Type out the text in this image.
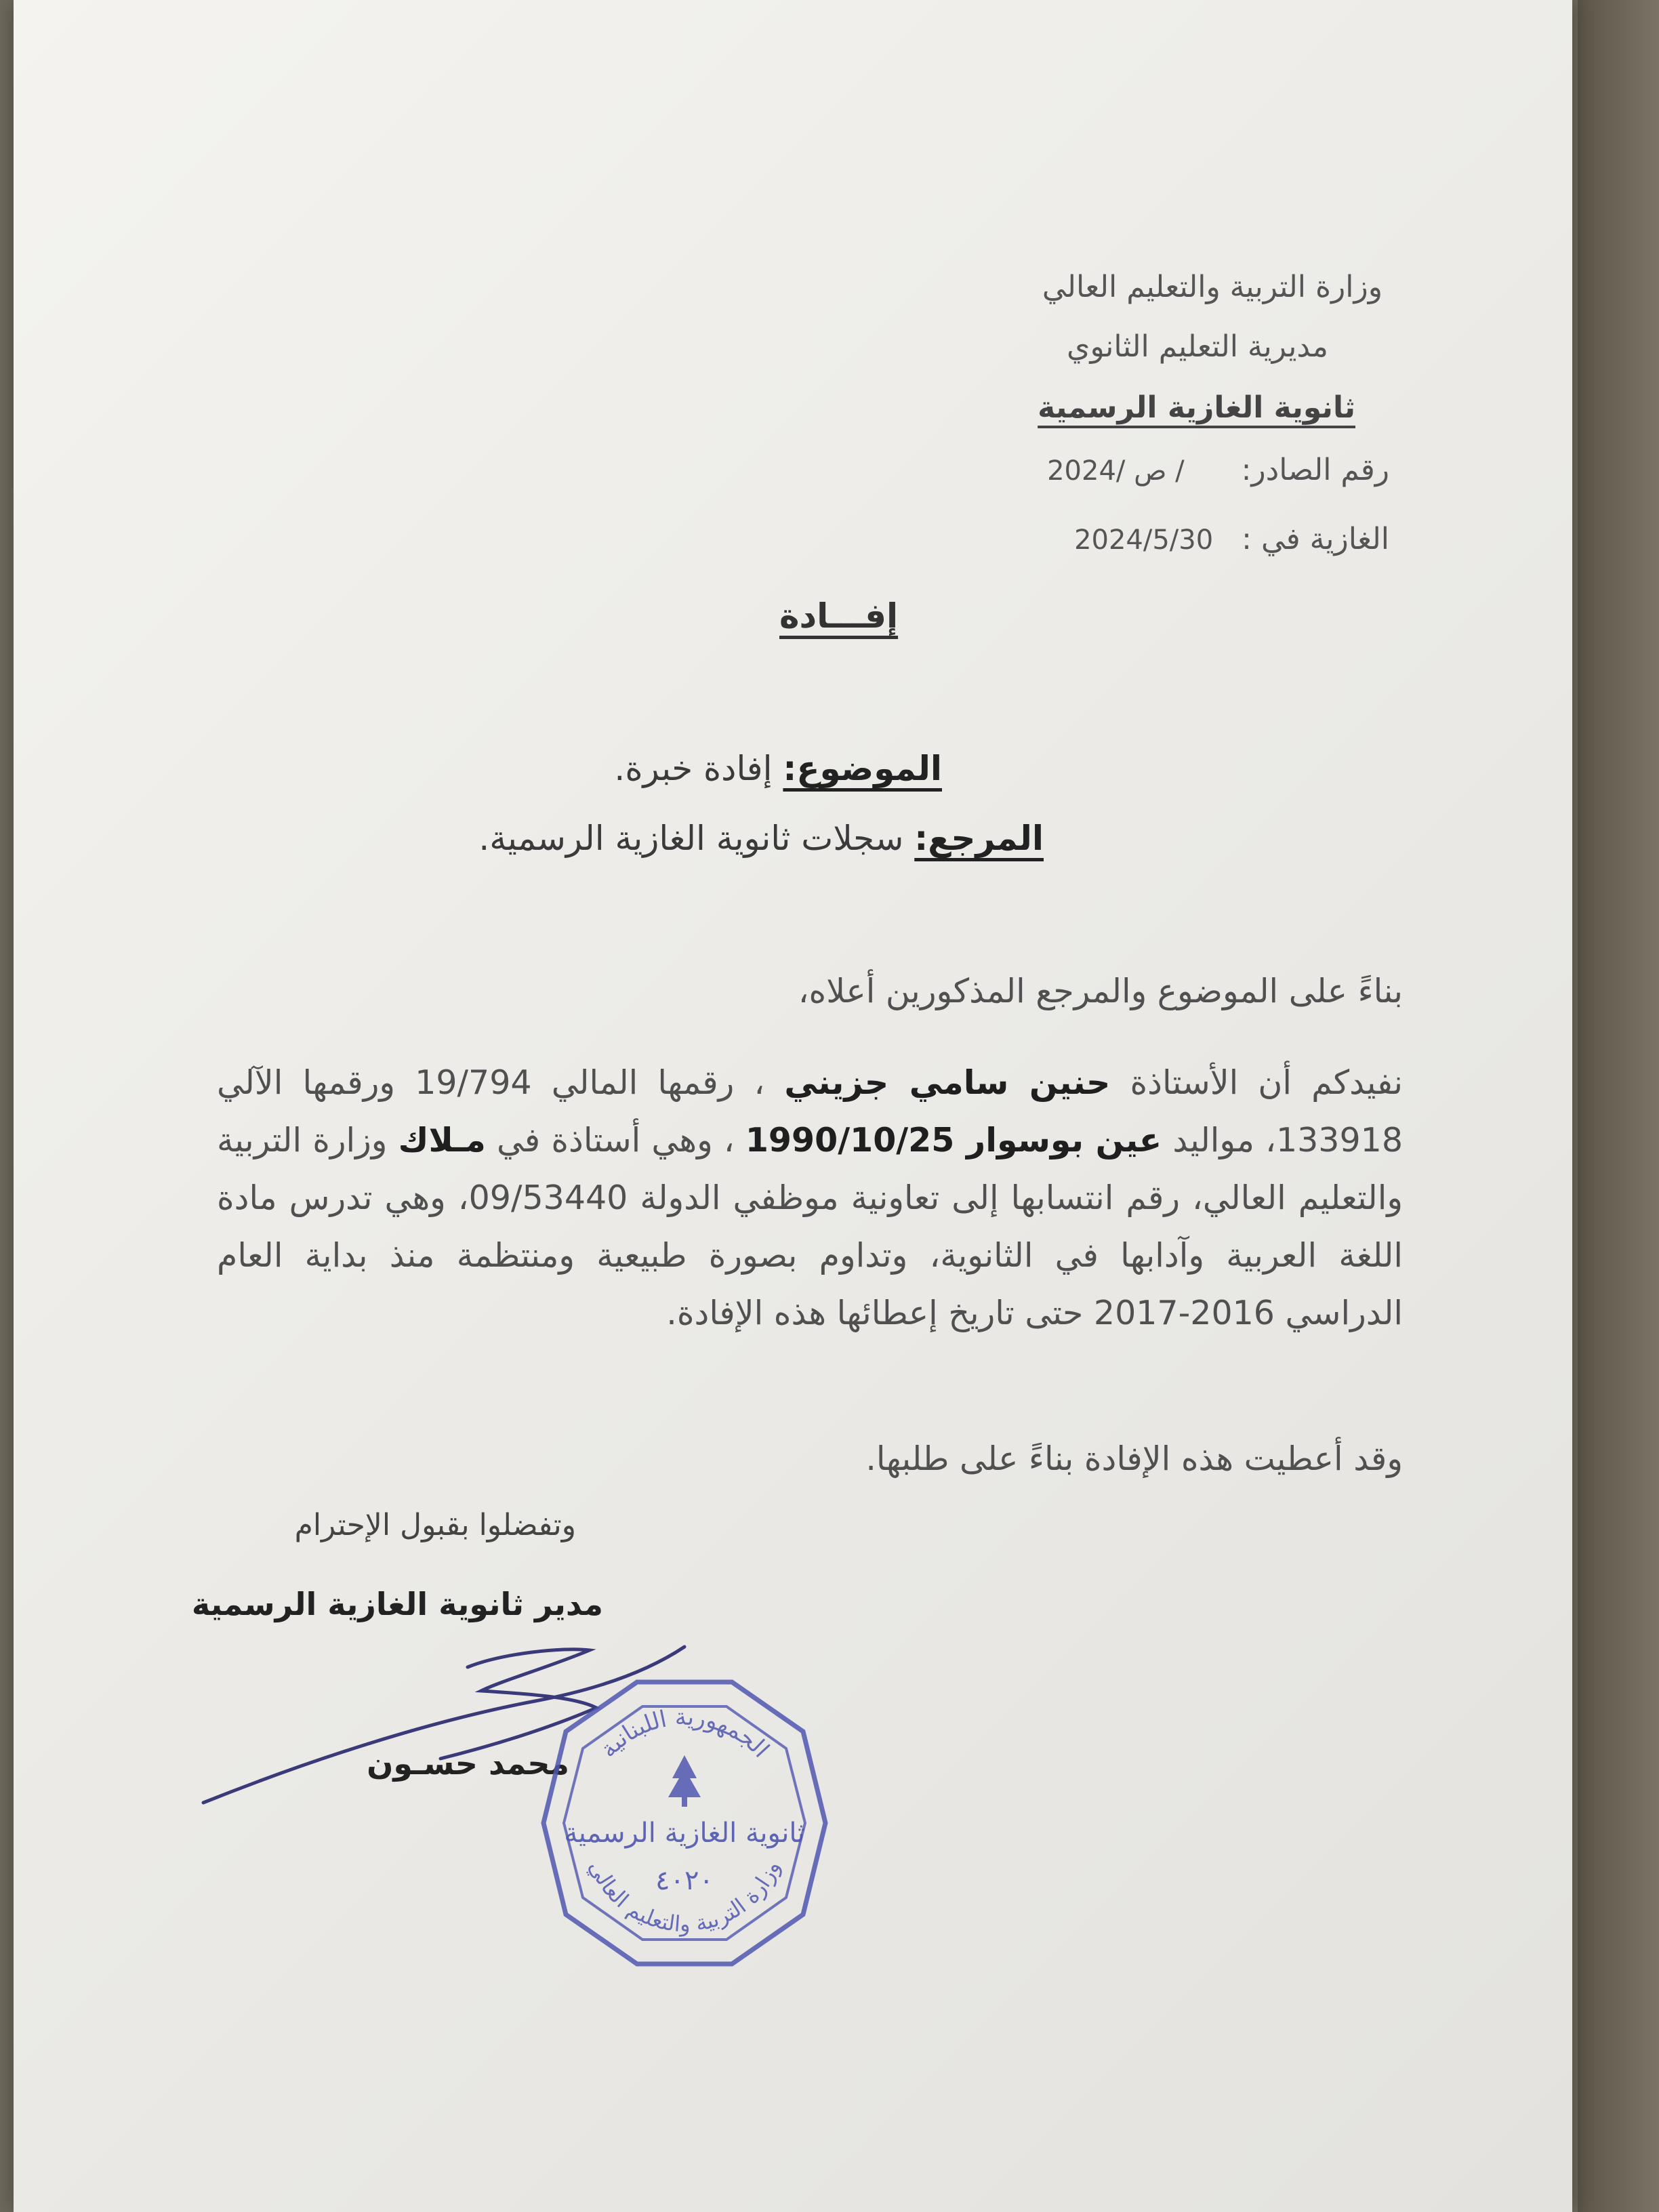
وزارة التربية والتعليم العالي
مديرية التعليم الثانوي
ثانوية الغازية الرسمية
رقم الصادر:      / ص /2024
الغازية في :   2024/5/30
إفـــادة
الموضوع: إفادة خبرة.
المرجع: سجلات ثانوية الغازية الرسمية.
بناءً على الموضوع والمرجع المذكورين أعلاه،
نفيدكم أن الأستاذة حنين سامي جزيني ، رقمها المالي 19/794 ورقمها الآلي 133918، مواليد عين بوسوار 1990/10/25 ، وهي أستاذة في مـلاك وزارة التربية والتعليم العالي، رقم انتسابها إلى تعاونية موظفي الدولة 09/53440، وهي تدرس مادة اللغة العربية وآدابها في الثانوية، وتداوم بصورة طبيعية ومنتظمة منذ بداية العام الدراسي 2016-2017 حتى تاريخ إعطائها هذه الإفادة.
وقد أعطيت هذه الإفادة بناءً على طلبها.
وتفضلوا بقبول الإحترام
مدير ثانوية الغازية الرسمية
محمد حسـون الجمهورية اللبنانية
ثانوية الغازية الرسمية
٤٠٢٠
وزارة التربية والتعليم العالي
